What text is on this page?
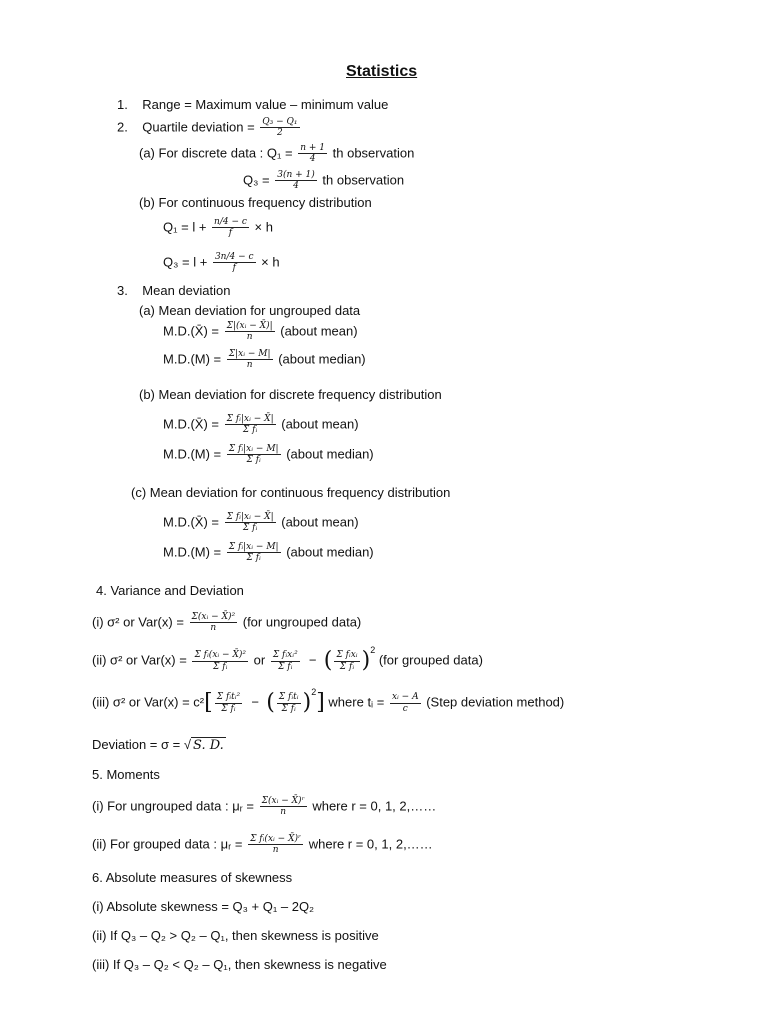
Statistics
1. Range = Maximum value – minimum value
2. Quartile deviation = $\frac{\text{Q₃ − Q₁}}{2}$
(a) For discrete data : $Q_1 = \frac{n + 1}{4}$ th observation
$Q_3 = \frac{3(n + 1)}{4}$ th observation
(b) For continuous frequency distribution
$Q_1 = l + \frac{n/4 - c}{f} \times h$
$Q_3 = l + \frac{3n/4 - c}{f} \times h$
3. Mean deviation
(a) Mean deviation for ungrouped data
M.D.(X̄) = $\frac{\text{Σ|(xᵢ − X̄)|}}{n}$ (about mean)
$M.D.(M) = \frac{\text{Σ|xᵢ − M|}}{n}$ (about median)
(b) Mean deviation for discrete frequency distribution
M.D.(X̄) = $\frac{\text{Σ fᵢ|xᵢ − X̄|}}{\text{Σ fᵢ}}$ (about mean)
$M.D.(M) = \frac{\text{Σ fᵢ|xᵢ − M|}}{\text{Σ fᵢ}}$ (about median)
(c) Mean deviation for continuous frequency distribution
M.D.(X̄) = $\frac{\text{Σ fᵢ|xᵢ − X̄|}}{\text{Σ fᵢ}}$ (about mean)
$M.D.(M) = \frac{\text{Σ fᵢ|xᵢ − M|}}{\text{Σ fᵢ}}$ (about median)
4. Variance and Deviation
(i) σ² or $Var(x) = \frac{\text{Σ(xᵢ − X̄)²}}{n} (for$ ungrouped data)
(ii) σ² or $Var(x) = \frac{\text{Σ fᵢ(xᵢ − X̄)²}}{\text{Σ fᵢ}}$ or $\frac{\text{Σ fᵢxᵢ²}}{\text{Σ fᵢ}}$ − ( $\frac{\text{Σ fᵢxᵢ}}{\text{Σ fᵢ}} )^2$ (for grouped data)
(iii) σ² or $Var(x) = c^2[ \frac{\text{Σ fᵢtᵢ²}}{\text{Σ fᵢ}}$ − ( $\frac{\text{Σ fᵢtᵢ}}{\text{Σ fᵢ}} )^2$] where tᵢ = $\frac{\text{xᵢ − A}}{c}$ (Step deviation method)
Deviation = σ = √ S. D.
5. Moments
(i) For ungrouped data : μᵣ = $\frac{\text{Σ(xᵢ − X̄)ʳ}}{n}$ where r = 0, 1, 2,……
(ii) For grouped data : μᵣ = $\frac{\text{Σ fᵢ(xᵢ − X̄)ʳ}}{n}$ where r = 0, 1, 2,……
6. Absolute measures of skewness
(i) Absolute skewness = Q₃ + Q₁ – 2Q₂
(ii) If Q₃ – Q₂ > Q₂ – Q₁, then skewness is positive
(iii) If Q₃ – Q₂ < Q₂ – Q₁, then skewness is negative
